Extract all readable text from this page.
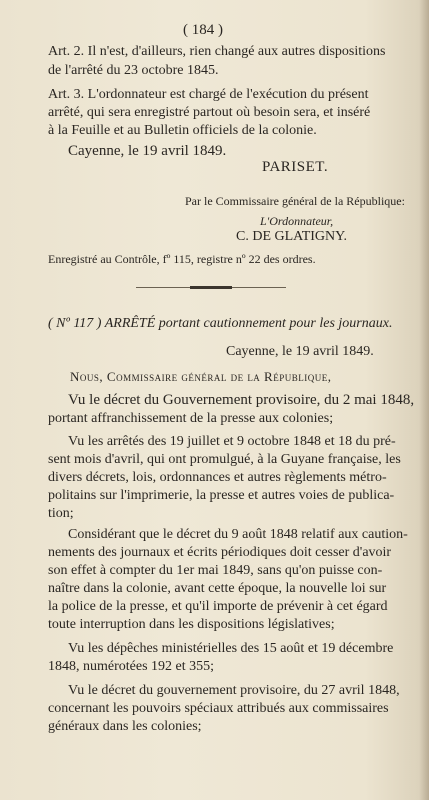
( 184 )
Art. 2. Il n'est, d'ailleurs, rien changé aux autres dispositions
de l'arrêté du 23 octobre 1845.
Art. 3. L'ordonnateur est chargé de l'exécution du présent
arrêté, qui sera enregistré partout où besoin sera, et inséré
à la Feuille et au Bulletin officiels de la colonie.
Cayenne, le 19 avril 1849.
PARISET.
Par le Commissaire général de la République:
L'Ordonnateur,
C. DE GLATIGNY.
Enregistré au Contrôle, fº 115, registre nº 22 des ordres.
( Nº 117 ) ARRÊTÉ portant cautionnement pour les journaux.
Cayenne, le 19 avril 1849.
Nous, Commissaire général de la République,
Vu le décret du Gouvernement provisoire, du 2 mai 1848,
portant affranchissement de la presse aux colonies;
Vu les arrêtés des 19 juillet et 9 octobre 1848 et 18 du pré-
sent mois d'avril, qui ont promulgué, à la Guyane française, les
divers décrets, lois, ordonnances et autres règlements métro-
politains sur l'imprimerie, la presse et autres voies de publica-
tion;
Considérant que le décret du 9 août 1848 relatif aux caution-
nements des journaux et écrits périodiques doit cesser d'avoir
son effet à compter du 1er mai 1849, sans qu'on puisse con-
naître dans la colonie, avant cette époque, la nouvelle loi sur
la police de la presse, et qu'il importe de prévenir à cet égard
toute interruption dans les dispositions législatives;
Vu les dépêches ministérielles des 15 août et 19 décembre
1848, numérotées 192 et 355;
Vu le décret du gouvernement provisoire, du 27 avril 1848,
concernant les pouvoirs spéciaux attribués aux commissaires
généraux dans les colonies;
